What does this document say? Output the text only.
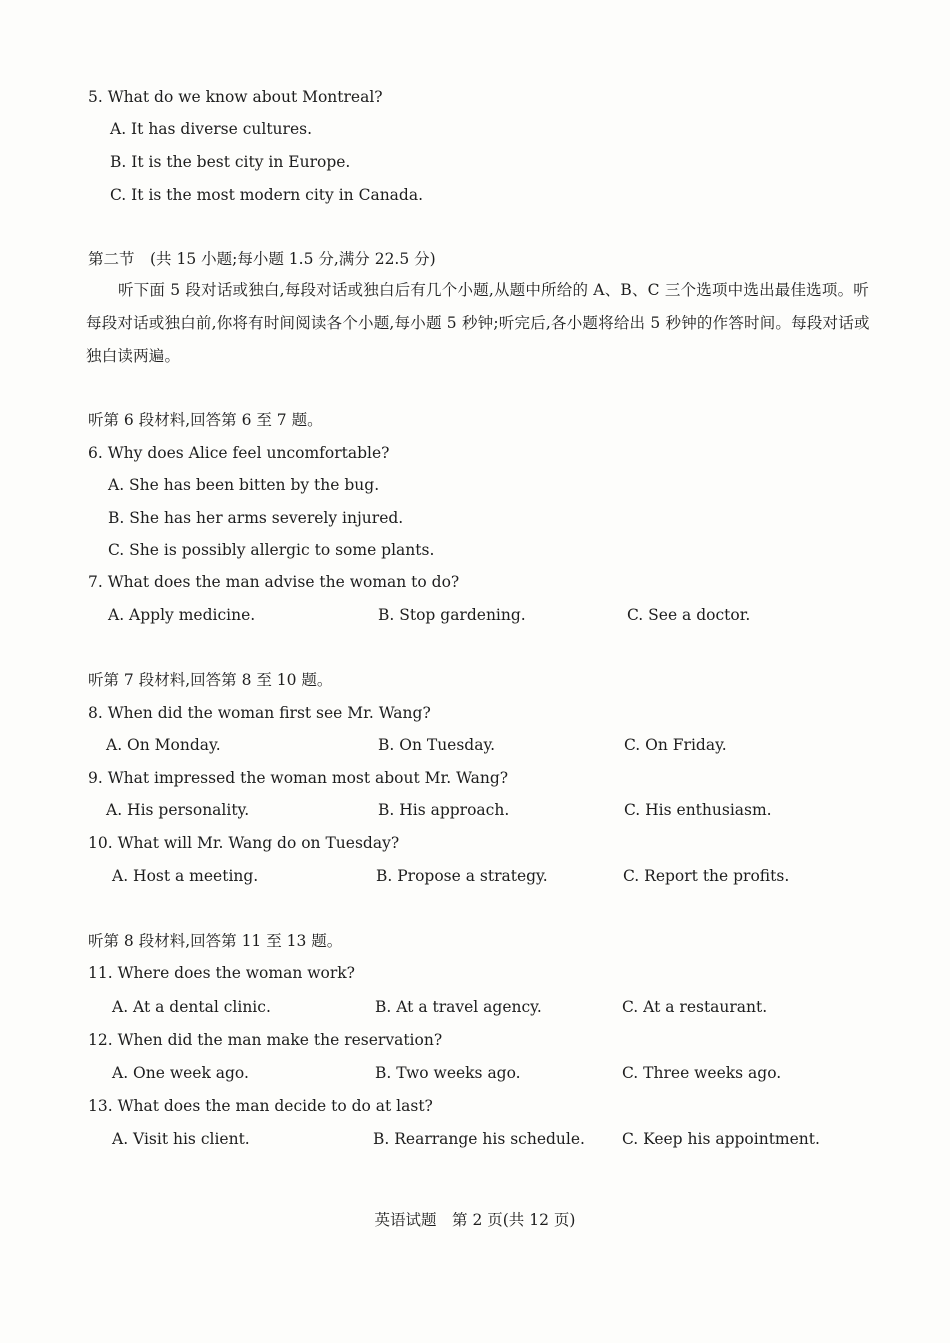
5. What do we know about Montreal?
A. It has diverse cultures.
B. It is the best city in Europe.
C. It is the most modern city in Canada.
第二节　(共 15 小题;每小题 1.5 分,满分 22.5 分)
听下面 5 段对话或独白,每段对话或独白后有几个小题,从题中所给的 A、B、C 三个选项中选出最佳选项。听每段对话或独白前,你将有时间阅读各个小题,每小题 5 秒钟;听完后,各小题将给出 5 秒钟的作答时间。每段对话或独白读两遍。
听第 6 段材料,回答第 6 至 7 题。
6. Why does Alice feel uncomfortable?
A. She has been bitten by the bug.
B. She has her arms severely injured.
C. She is possibly allergic to some plants.
7. What does the man advise the woman to do?
A. Apply medicine.	B. Stop gardening.	C. See a doctor.
听第 7 段材料,回答第 8 至 10 题。
8. When did the woman first see Mr. Wang?
A. On Monday.	B. On Tuesday.	C. On Friday.
9. What impressed the woman most about Mr. Wang?
A. His personality.	B. His approach.	C. His enthusiasm.
10. What will Mr. Wang do on Tuesday?
A. Host a meeting.	B. Propose a strategy.	C. Report the profits.
听第 8 段材料,回答第 11 至 13 题。
11. Where does the woman work?
A. At a dental clinic.	B. At a travel agency.	C. At a restaurant.
12. When did the man make the reservation?
A. One week ago.	B. Two weeks ago.	C. Three weeks ago.
13. What does the man decide to do at last?
A. Visit his client.	B. Rearrange his schedule. C. Keep his appointment.
英语试题　第 2 页(共 12 页)
